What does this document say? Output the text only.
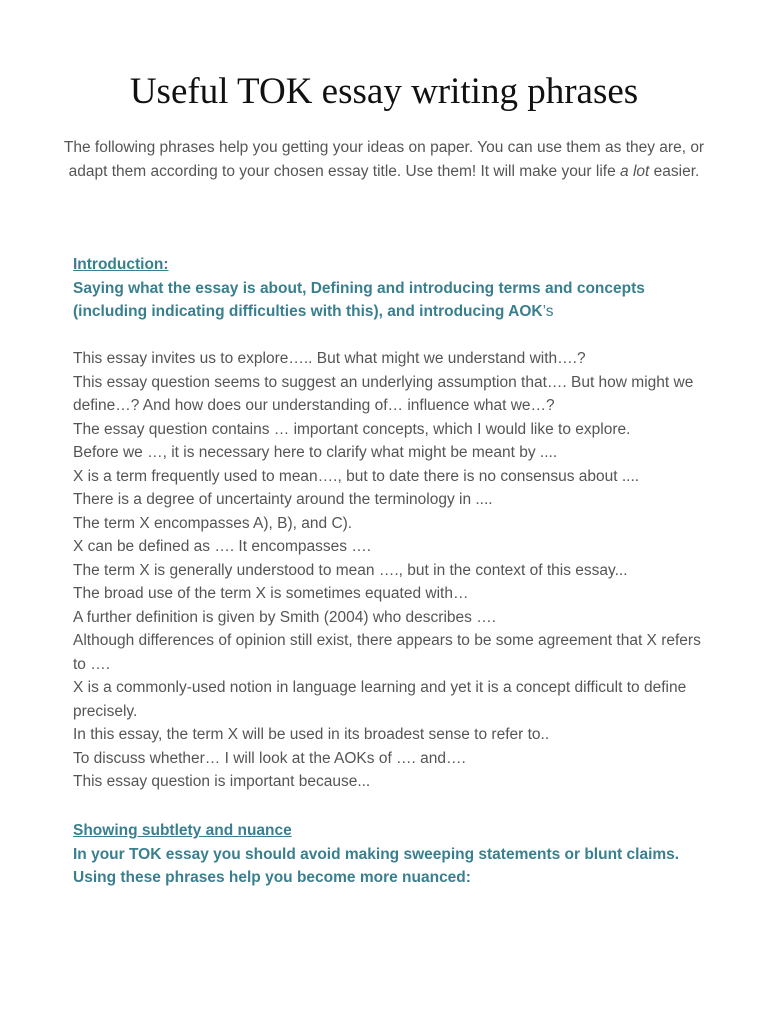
Useful TOK essay writing phrases

The following phrases help you getting your ideas on paper. You can use them as they are, or adapt them according to your chosen essay title. Use them! It will make your life a lot easier.

Introduction:
Saying what the essay is about, Defining and introducing terms and concepts (including indicating difficulties with this), and introducing AOK’s
This essay invites us to explore….. But what might we understand with….?
This essay question seems to suggest an underlying assumption that…. But how might we define…? And how does our understanding of… influence what we…?
The essay question contains … important concepts, which I would like to explore.
Before we …, it is necessary here to clarify what might be meant by ....
X is a term frequently used to mean…., but to date there is no consensus about ....
There is a degree of uncertainty around the terminology in ....
The term X encompasses A), B), and C).
X can be defined as …. It encompasses ….
The term X is generally understood to mean …., but in the context of this essay...
The broad use of the term X is sometimes equated with…
A further definition is given by Smith (2004) who describes ….
Although differences of opinion still exist, there appears to be some agreement that X refers to ….
X is a commonly-used notion in language learning and yet it is a concept difficult to define precisely.
In this essay, the term X will be used in its broadest sense to refer to..
To discuss whether… I will look at the AOKs of …. and….
This essay question is important because...
Showing subtlety and nuance
In your TOK essay you should avoid making sweeping statements or blunt claims.
Using these phrases help you become more nuanced:
